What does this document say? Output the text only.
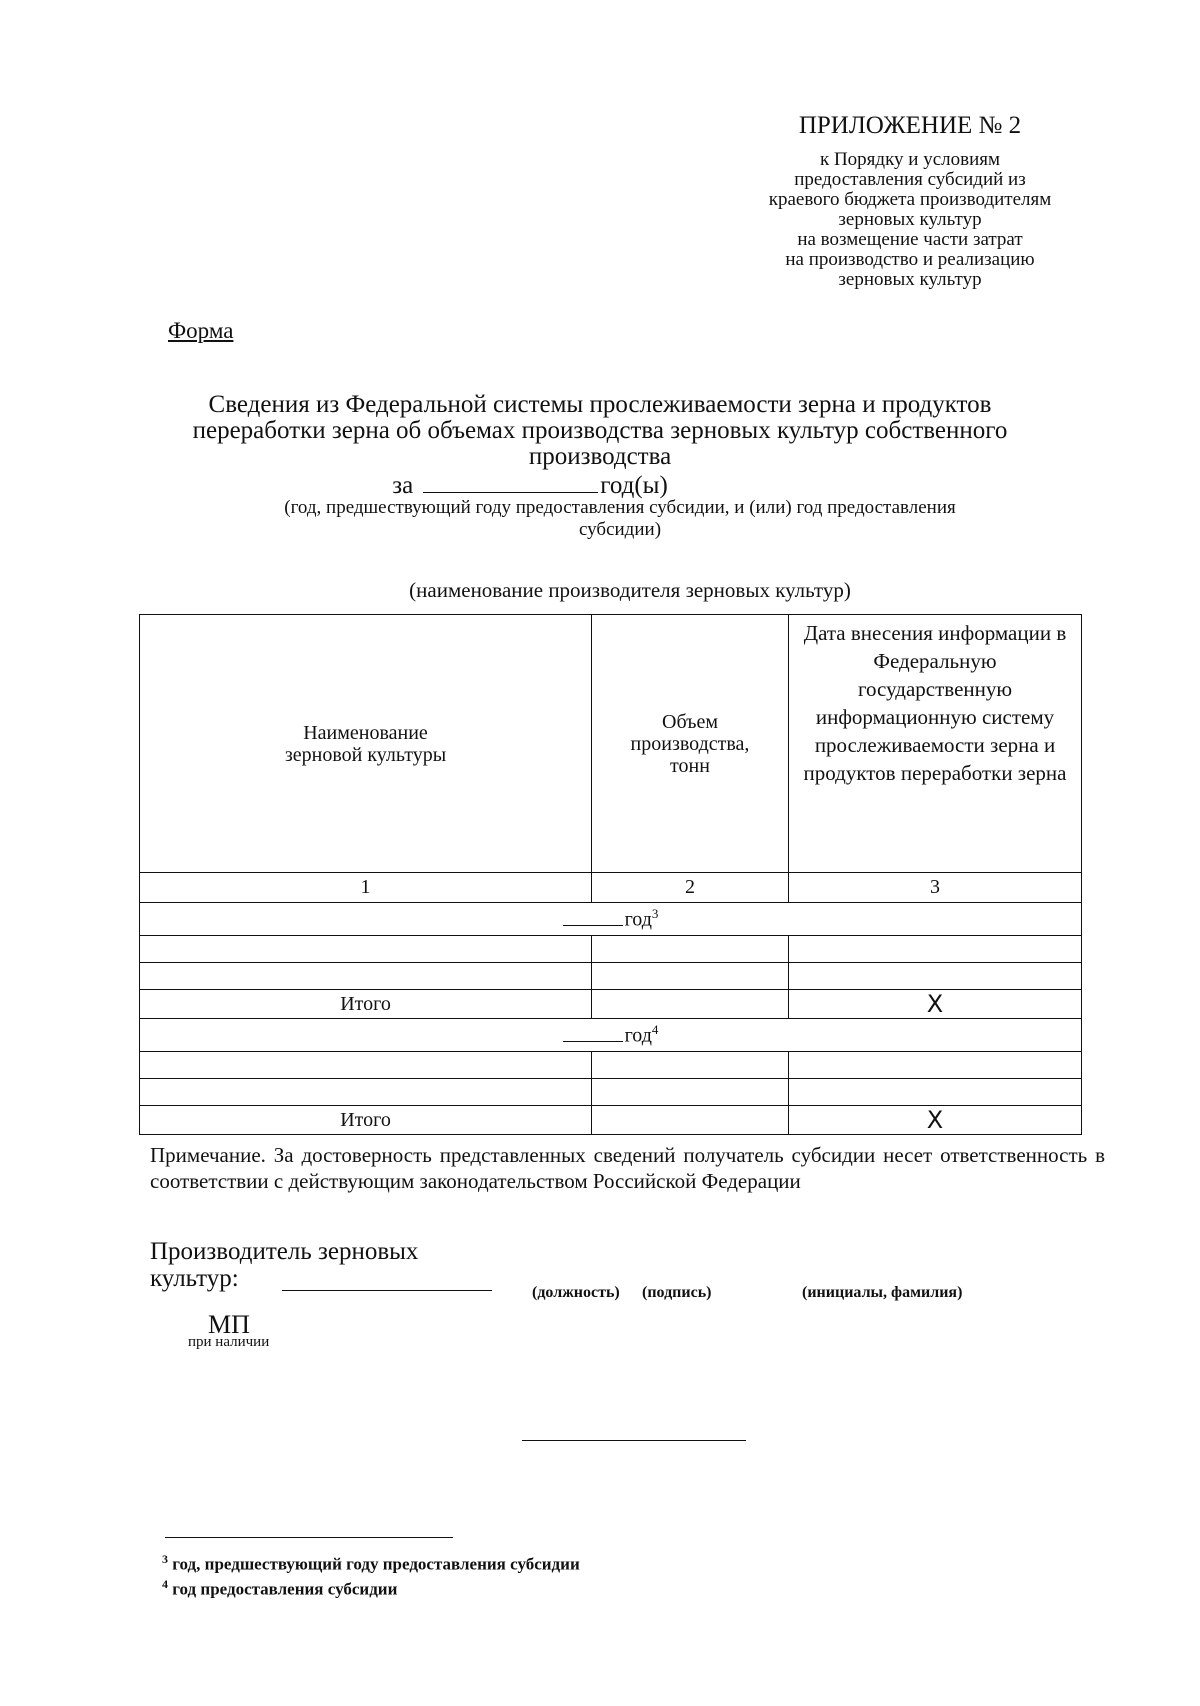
ПРИЛОЖЕНИЕ № 2
к Порядку и условиям
предоставления субсидий из
краевого бюджета производителям
зерновых культур
на возмещение части затрат
на производство и реализацию
зерновых культур
Форма
Сведения из Федеральной системы прослеживаемости зерна и продуктов
переработки зерна об объемах производства зерновых культур собственного
производства
за	год(ы)
(год, предшествующий году предоставления субсидии, и (или) год предоставления
субсидии)
(наименование производителя зерновых культур)
Наименование зерновой культуры	Объем производства, тонн	Дата внесения информации в Федеральную государственную информационную систему прослеживаемости зерна и продуктов переработки зерна
1	2	3
год$^3$

Итого		X
год$^4$

Итого		X
Примечание. За достоверность представленных сведений получатель субсидии несет ответственность в соответствии с действующим законодательством Российской Федерации
Производитель зерновых
культур:
(должность) (подпись)	(инициалы, фамилия)
МП
при наличии
$^3$ год, предшествующий году предоставления субсидии
$^4$ год предоставления субсидии
